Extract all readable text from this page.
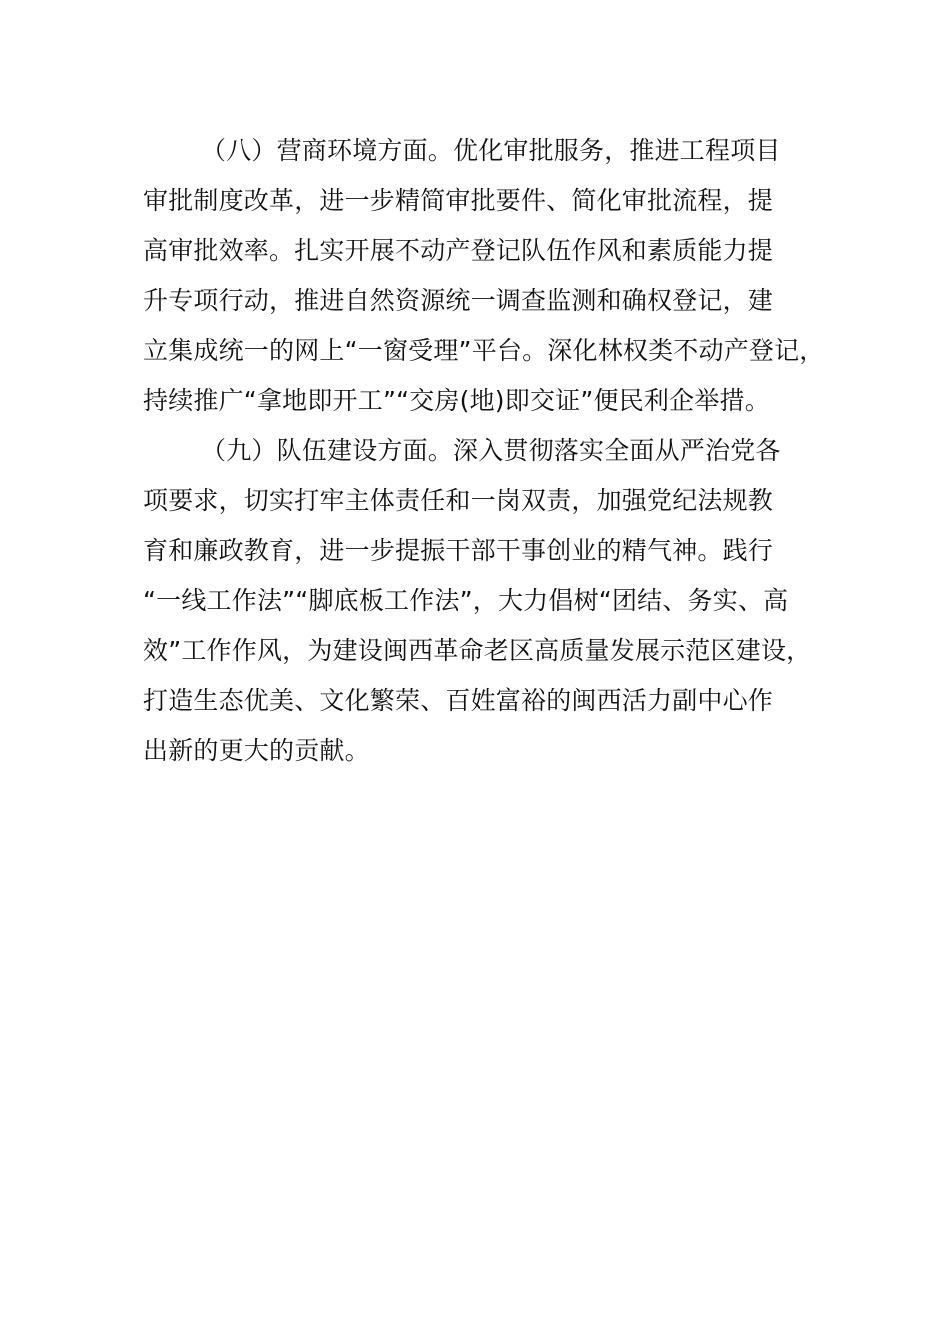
（八）营商环境方面。优化审批服务，推进工程项目
审批制度改革，进一步精简审批要件、简化审批流程，提
高审批效率。扎实开展不动产登记队伍作风和素质能力提
升专项行动，推进自然资源统一调查监测和确权登记，建
立集成统一的网上“一窗受理”平台。深化林权类不动产登记，
持续推广“拿地即开工”“交房(地)即交证”便民利企举措。
（九）队伍建设方面。深入贯彻落实全面从严治党各
项要求，切实打牢主体责任和一岗双责，加强党纪法规教
育和廉政教育，进一步提振干部干事创业的精气神。践行
“一线工作法”“脚底板工作法”，大力倡树“团结、务实、高
效”工作作风，为建设闽西革命老区高质量发展示范区建设，
打造生态优美、文化繁荣、百姓富裕的闽西活力副中心作
出新的更大的贡献。
